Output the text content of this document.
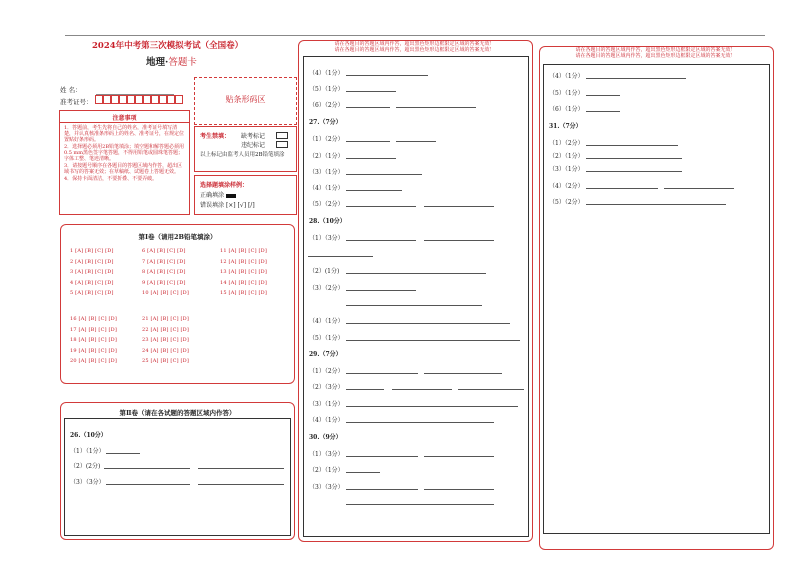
2024年中考第三次模拟考试（全国卷）
地理·答题卡
姓 名：
准考证号：	贴条形码区
注意事项
1．答题前，考生先将自己的姓名，准考证号填写清楚，并认真核准条形码上的姓名、准考证号，在规定位置贴好条形码。
2．选择题必须用2B铅笔填涂；填空题和解答题必须用0.5 mm黑色签字笔答题，不得用铅笔或圆珠笔答题；字体工整、笔迹清晰。
3．请按题号顺序在各题目的答题区域内作答，超出区域书写的答案无效；在草稿纸、试题卷上答题无效。
4．保持卡面清洁，不要折叠、不要弄破。
考生禁填： 缺考标记
违纪标记
以上标记由监考人员用2B铅笔填涂
选择题填涂样例：
正确填涂
错误填涂 [×] [√] [/]
第Ⅰ卷（请用2B铅笔填涂）
1 [A] [B] [C] [D]
2 [A] [B] [C] [D]
3 [A] [B] [C] [D]
4 [A] [B] [C] [D]
5 [A] [B] [C] [D]
6 [A] [B] [C] [D]
7 [A] [B] [C] [D]
8 [A] [B] [C] [D]
9 [A] [B] [C] [D]
10 [A] [B] [C] [D]
11 [A] [B] [C] [D]
12 [A] [B] [C] [D]
13 [A] [B] [C] [D]
14 [A] [B] [C] [D]
15 [A] [B] [C] [D]
16 [A] [B] [C] [D]
17 [A] [B] [C] [D]
18 [A] [B] [C] [D]
19 [A] [B] [C] [D]
20 [A] [B] [C] [D]
21 [A] [B] [C] [D]
22 [A] [B] [C] [D]
23 [A] [B] [C] [D]
24 [A] [B] [C] [D]
25 [A] [B] [C] [D]
第Ⅱ卷（请在各试题的答题区域内作答）
26.（10分）
（1）（1分）
（2）(2分)
（3）（3分）
请在各题目的答题区域内作答，超出黑色矩形边框限定区域的答案无效！
请在各题目的答题区域内作答，超出黑色矩形边框限定区域的答案无效！
（4）（1分）
（5）（1分）
（6）（2分）
27.（7分）
（1）（2分）
（2）（1分）
（3）（1分）
（4）（1分）
（5）（2分）
28.（10分）
（1）（3分）
（2）(1分)
（3）（2分）
（4）（1分）
（5）（1分）
29.（7分）
（1）（2分）
（2）（3分）
（3）（1分）
（4）（1分）
30.（9分）
（1）（3分）
（2）（1分）
（3）（3分）
请在各题目的答题区域内作答，超出黑色矩形边框限定区域的答案无效！
请在各题目的答题区域内作答，超出黑色矩形边框限定区域的答案无效！
（4）（1分）
（5）（1分）
（6）（1分）
31.（7分）
（1）（2分）
（2）（1分）
（3）（1分）
（4）（2分）
（5）（2分）
